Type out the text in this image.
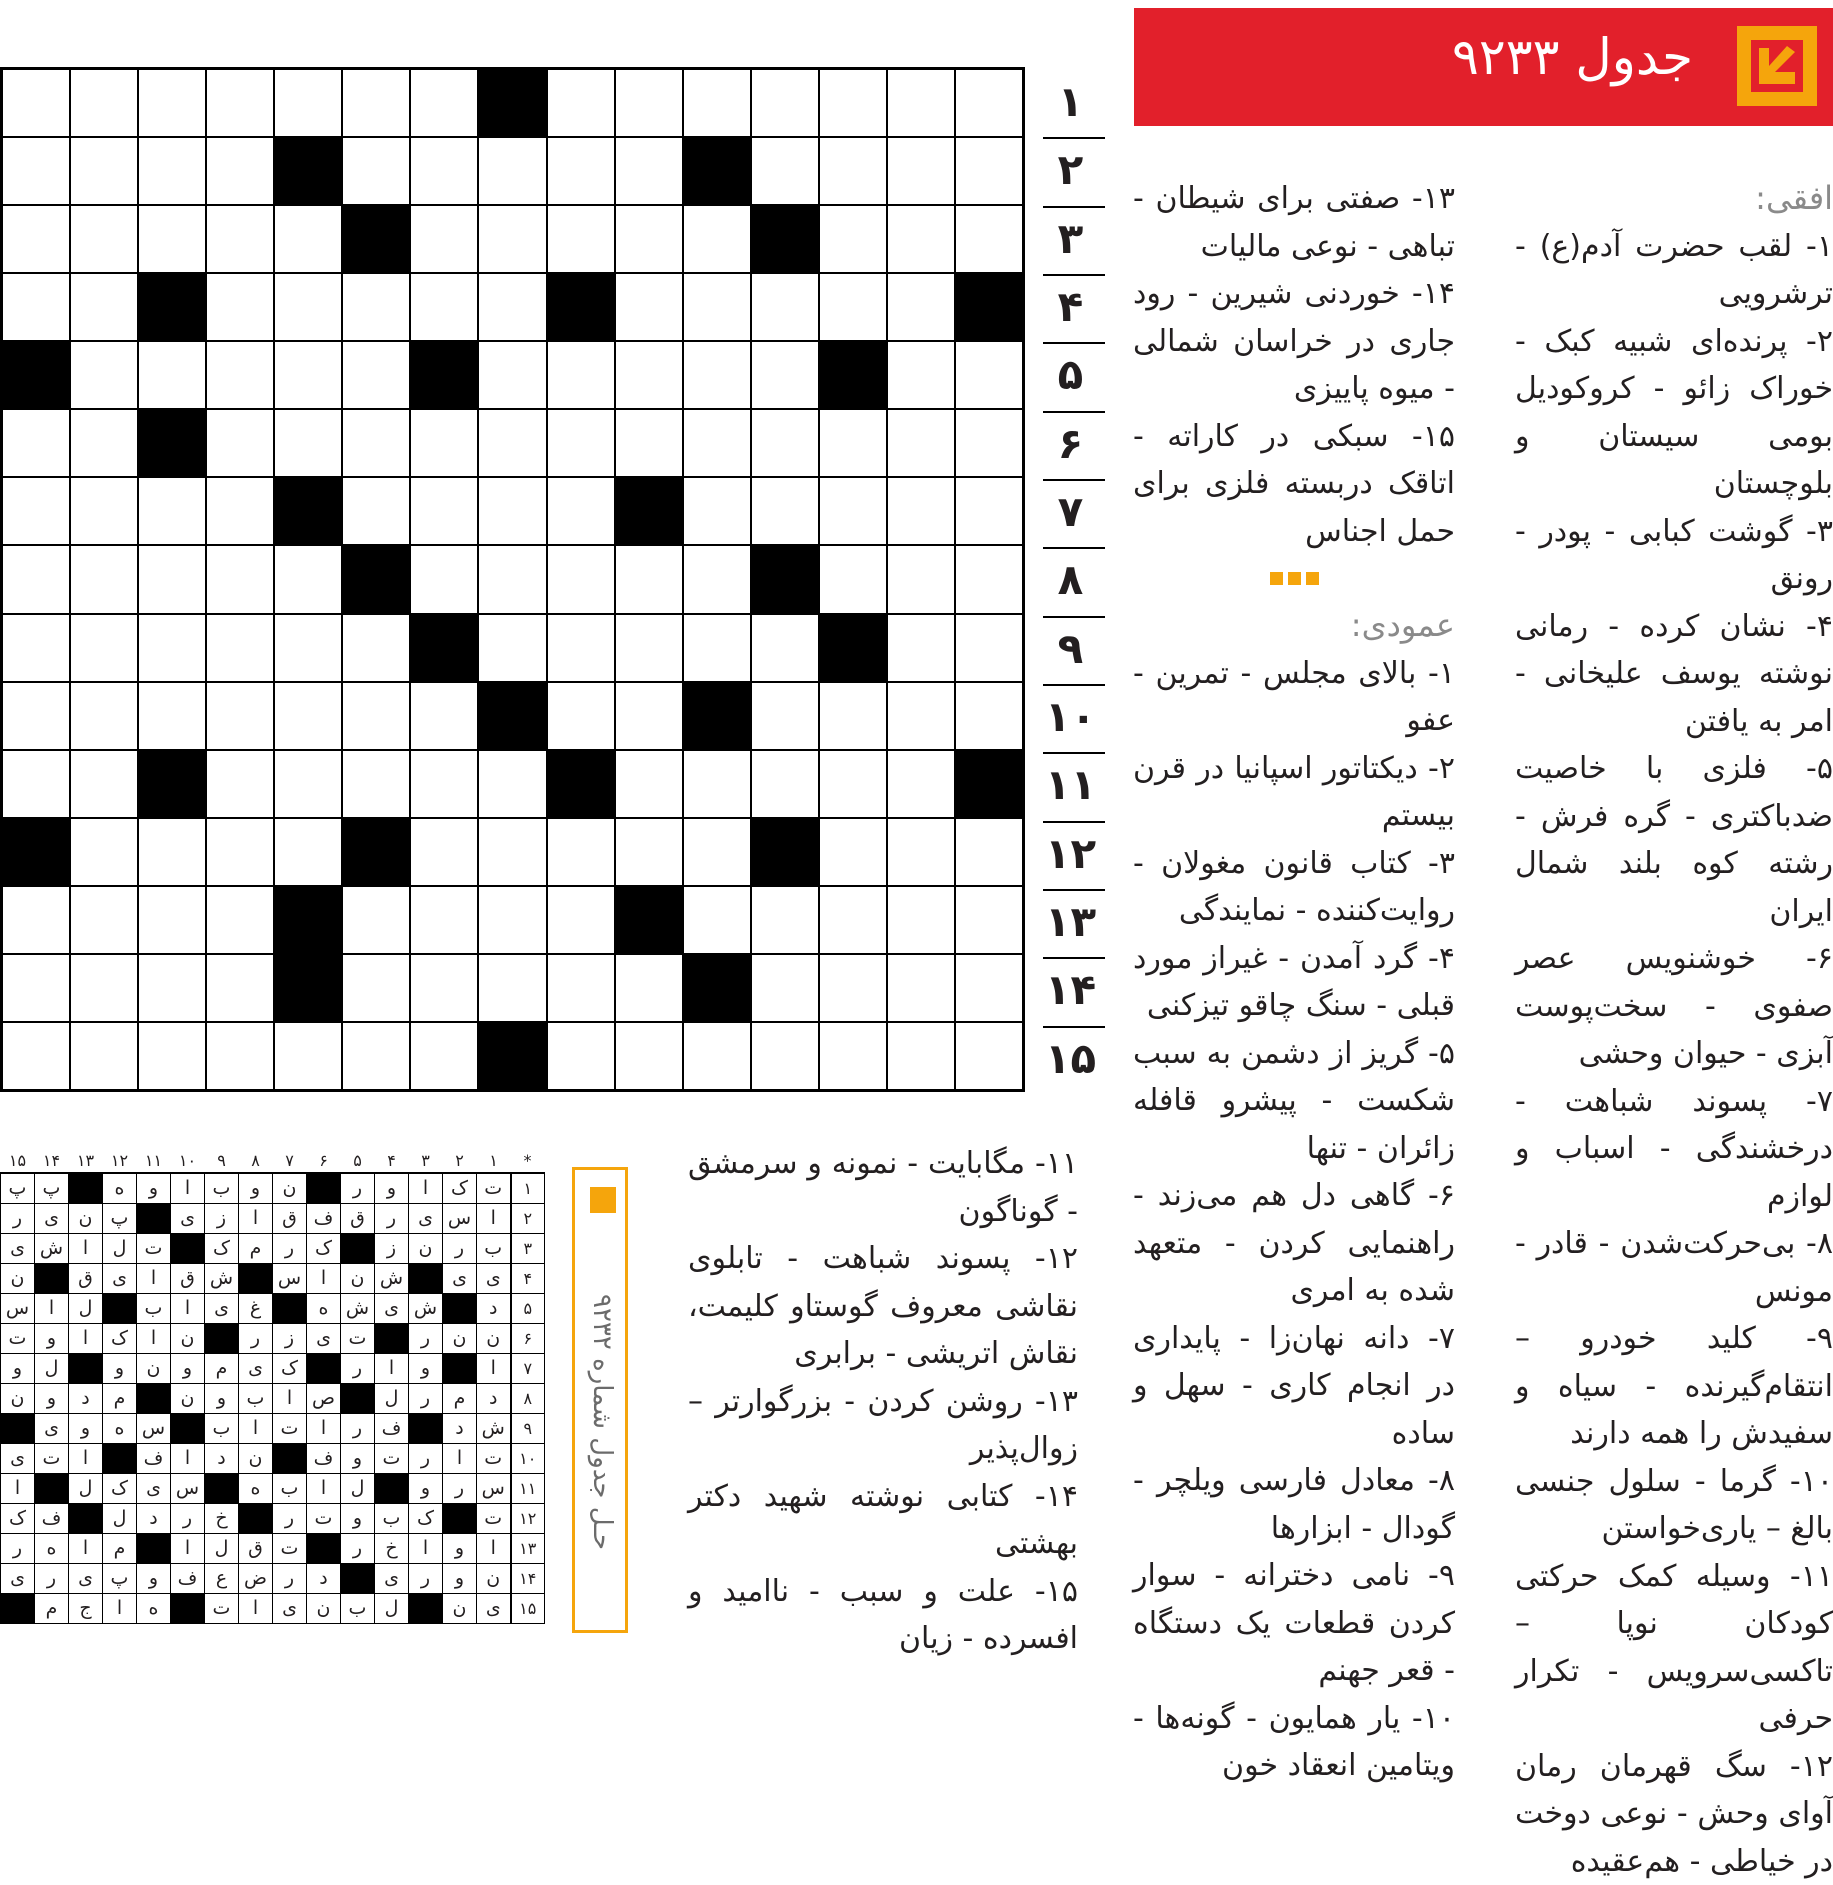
جدول ۹۲۳۳
افقی:

۱- لقب حضرت آدم(ع) - ترشرویی

۲- پرنده‌ای شبیه کبک - خوراک زائو - کروکودیل بومی سیستان و بلوچستان

۳- گوشت کبابی - پودر - رونق

۴- نشان کرده - رمانی نوشته یوسف علیخانی - امر به یافتن

۵- فلزی با خاصیت ضدباکتری - گره فرش - رشته کوه بلند شمال ایران

۶- خوشنویس عصر صفوی - سخت‌پوست آبزی - حیوان وحشی

۷- پسوند شباهت - درخشندگی - اسباب و لوازم

۸- بی‌حرکت‌شدن - قادر - مونس

۹- کلید خودرو – انتقام‌گیرنده - سیاه و سفیدش را همه دارند

۱۰- گرما - سلول جنسی بالغ – یاری‌خواستن

۱۱- وسیله کمک حرکتی کودکان نوپا – تاکسی‌سرویس - تکرار حرفی

۱۲- سگ قهرمان رمان آوای وحش - نوعی دوخت در خیاطی - هم‌عقیده

۱۳- صفتی برای شیطان - تباهی - نوعی مالیات

۱۴- خوردنی شیرین - رود جاری در خراسان شمالی - میوه پاییزی

۱۵- سبکی در کاراته - اتاقک دربسته فلزی برای حمل اجناس

عمودی:

۱- بالای مجلس - تمرین - عفو

۲- دیکتاتور اسپانیا در قرن بیستم

۳- کتاب قانون مغولان - روایت‌کننده - نمایندگی

۴- گرد آمدن - غیراز مورد قبلی - سنگ چاقو تیزکنی

۵- گریز از دشمن به سبب شکست - پیشرو قافله زائران - تنها

۶- گاهی دل هم می‌زند - راهنمایی کردن - متعهد شده به امری

۷- دانه نهان‌زا - پایداری در انجام کاری - سهل و ساده

۸- معادل فارسی ویلچر - گودال - ابزارها

۹- نامی دخترانه - سوار کردن قطعات یک دستگاه - قعر جهنم

۱۰- یار همایون - گونه‌ها - ویتامین انعقاد خون

۱۱- مگابایت - نمونه و سرمشق - گوناگون

۱۲- پسوند شباهت - تابلوی نقاشی معروف گوستاو کلیمت، نقاش اتریشی - برابری

۱۳- روشن کردن - بزرگوارتر – زوال‌پذیر

۱۴- کتابی نوشته شهید دکتر بهشتی

۱۵- علت و سبب - ناامید و افسرده - زیان

۱
۲
۳
۴
۵
۶
۷
۸
۹
۱۰
۱۱
۱۲
۱۳
۱۴
۱۵
حـل جدول شماره ۹۲۳۲
*	۱	۲	۳	۴	۵	۶	۷	۸	۹	۱۰	۱۱	۱۲	۱۳	۱۴	۱۵
۱	ت	ک	ا	و	ر		ن	و	ب	ا	و	ه		پ	پ
۲	ا	س	ی	ر	ق	ف	ق	ا	ز	ی		پ	ن	ی	ر
۳	ب	ر	ن	ز		ک	ر	م	ک		ت	ل	ا	ش	ی
۴	ی	ی		ش	ن	ا	س		ش	ق	ا	ی	ق		ن
۵	د		ش	ی	ش	ه		غ	ی	ا	ب		ل	ا	س
۶	ن	ن	ر		ت	ی	ز	ر		ن	ا	ک	ا	و	ت
۷	ا		و	ا	ر		ک	ی	م	و	ن	و		ل	و
۸	د	م	ر	ل		ص	ا	ب	و	ن		م	د	و	ن
۹	ش	د		ف	ر	ا	ت	ا	ب		س	ه	و	ی	
۱۰	ت	ا	ر	ت	و	ف		ن	د	ا	ف		ا	ت	ی
۱۱	س	ر	و		ل	ا	ب	ه		س	ی	ک	ل		ا
۱۲	ت		ک	ب	و	ت	ر		خ	ر	د	ل		ف	ک
۱۳	ا	و	ا	خ	ر		ت	ق	ل	ا		م	ا	ه	ر
۱۴	ن	و	ر	ی		د	ر	ض	ع	ف	و	پ	ی	ر	ی
۱۵	ی	ن		ل	ب	ن	ی	ا	ت		ه	ا	ج	م	
